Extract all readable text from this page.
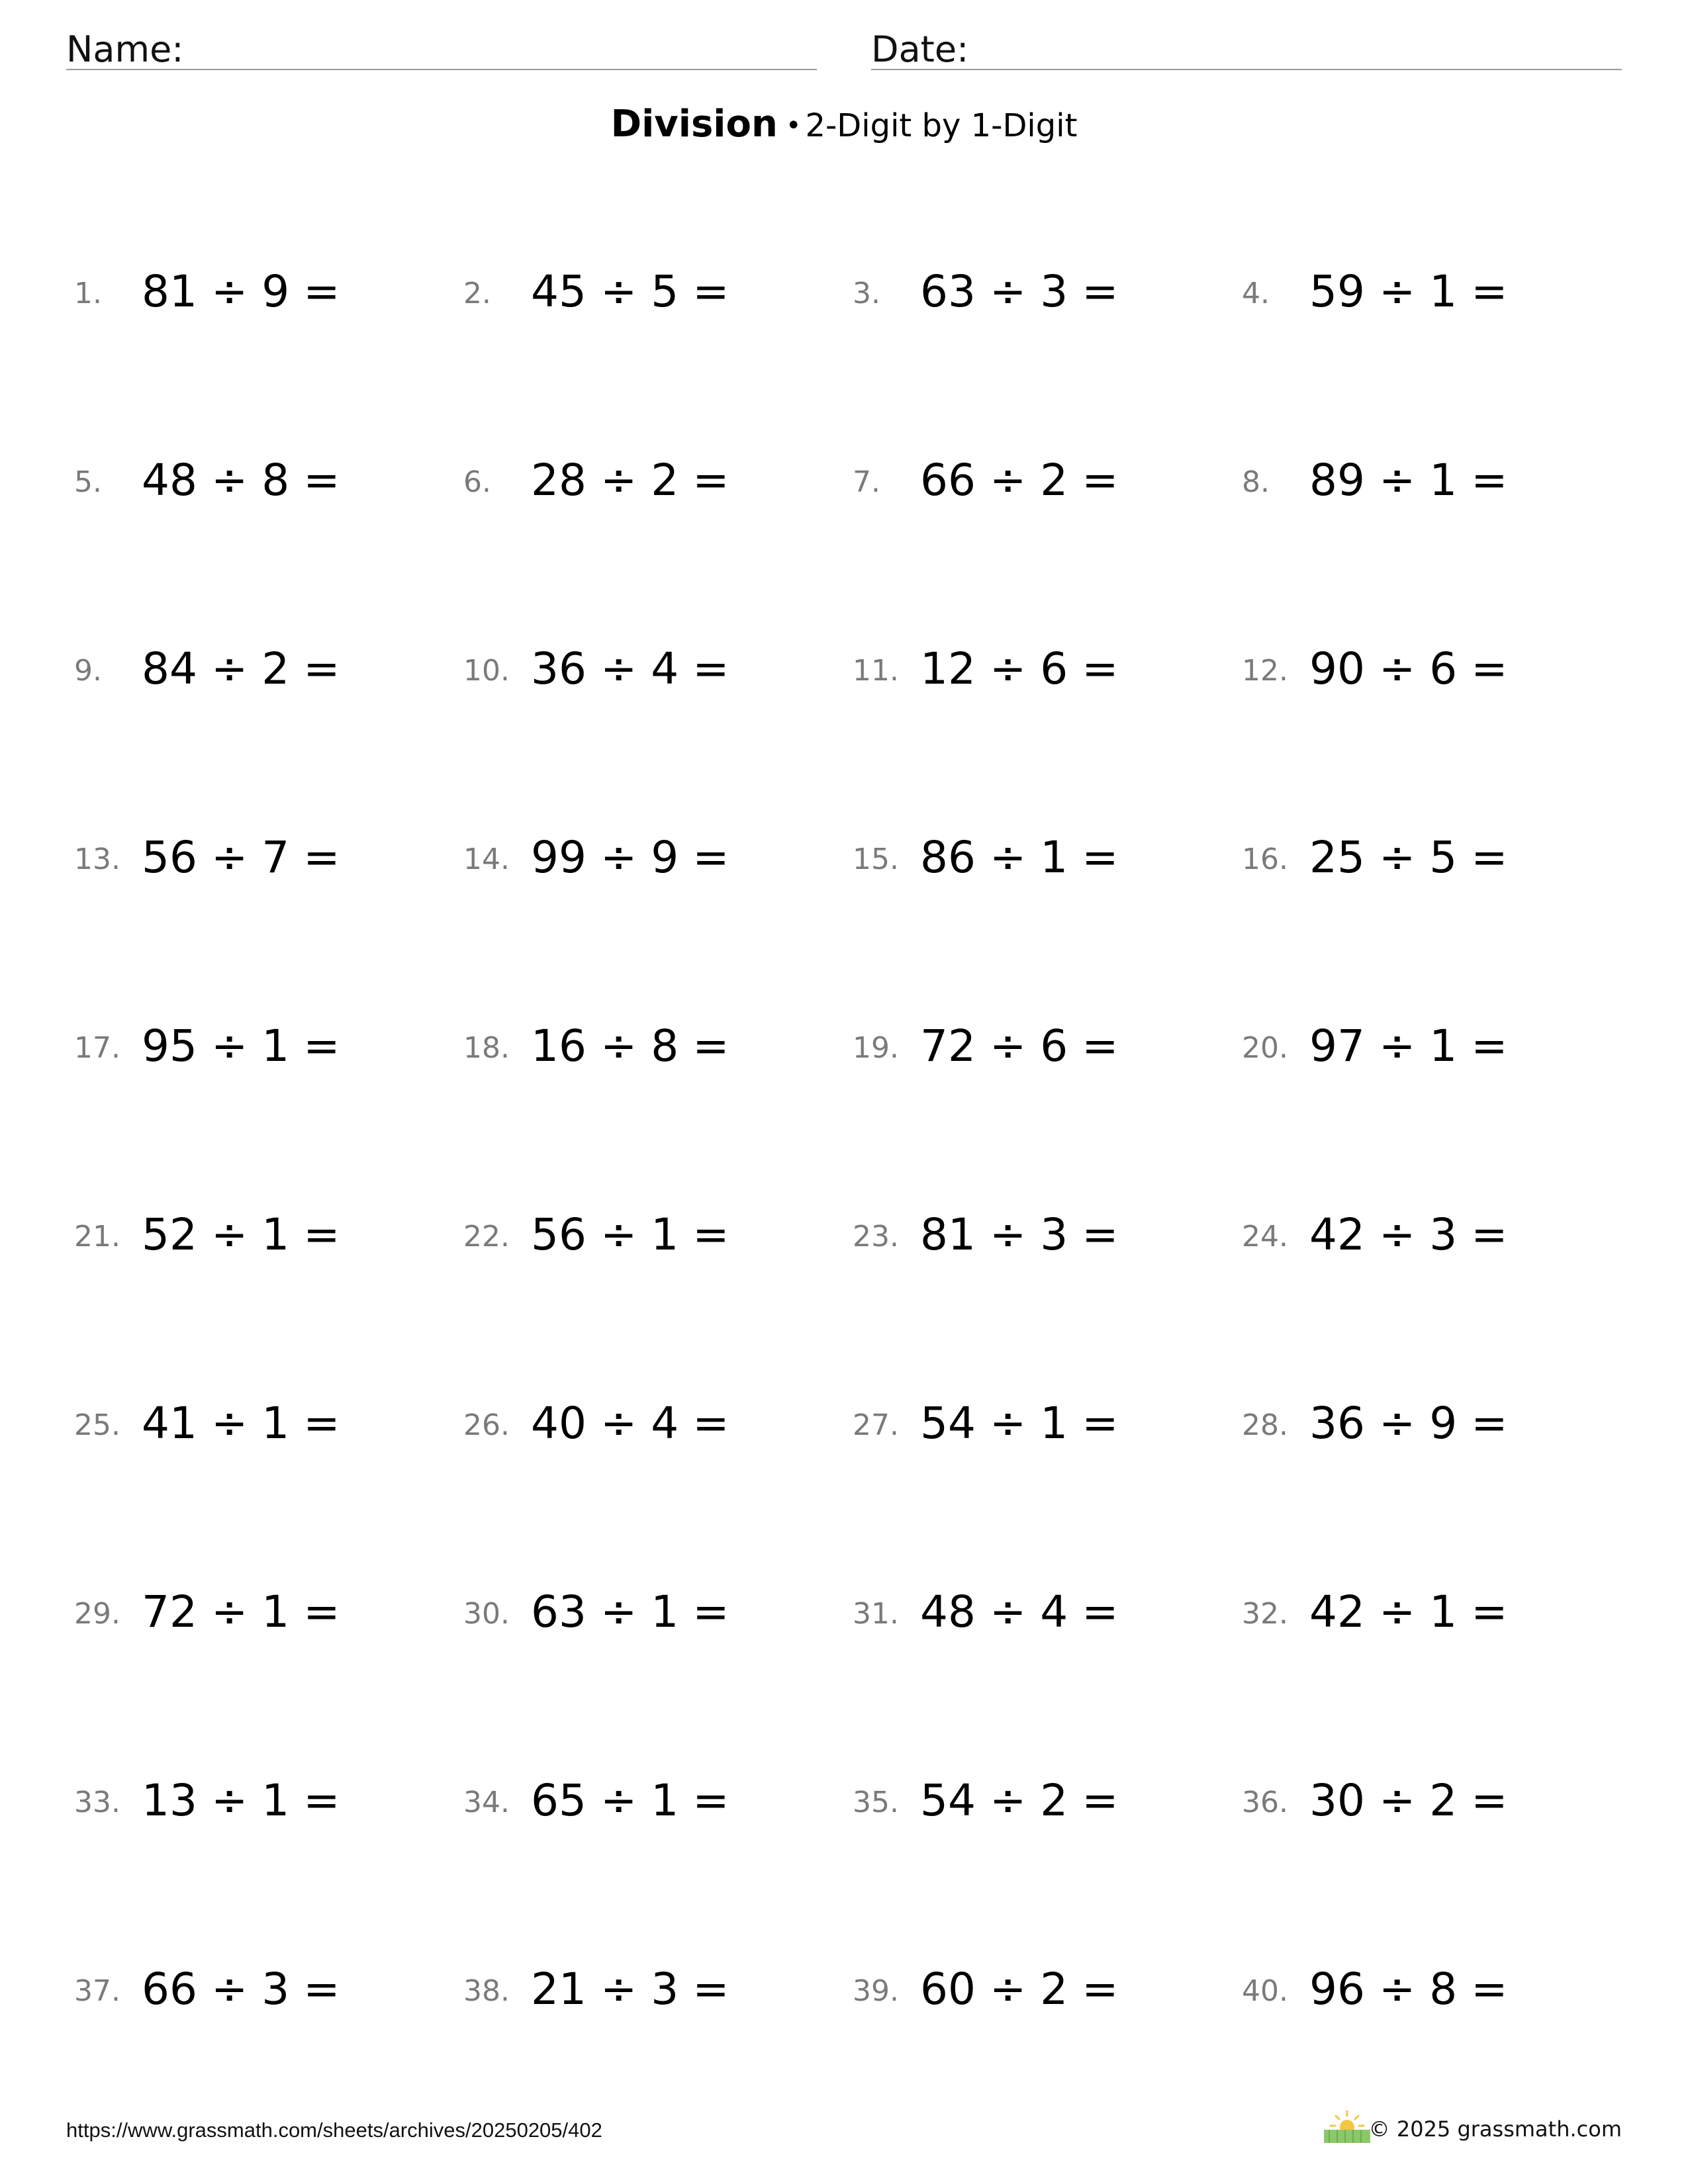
Name:	Date:
Division • 2-Digit by 1-Digit
1. 81 ÷ 9 =	2. 45 ÷ 5 =	3. 63 ÷ 3 =	4. 59 ÷ 1 =
5. 48 ÷ 8 =	6. 28 ÷ 2 =	7. 66 ÷ 2 =	8. 89 ÷ 1 =
9. 84 ÷ 2 =	10. 36 ÷ 4 =	11. 12 ÷ 6 =	12. 90 ÷ 6 =
13. 56 ÷ 7 =	14. 99 ÷ 9 =	15. 86 ÷ 1 =	16. 25 ÷ 5 =
17. 95 ÷ 1 =	18. 16 ÷ 8 =	19. 72 ÷ 6 =	20. 97 ÷ 1 =
21. 52 ÷ 1 =	22. 56 ÷ 1 =	23. 81 ÷ 3 =	24. 42 ÷ 3 =
25. 41 ÷ 1 =	26. 40 ÷ 4 =	27. 54 ÷ 1 =	28. 36 ÷ 9 =
29. 72 ÷ 1 =	30. 63 ÷ 1 =	31. 48 ÷ 4 =	32. 42 ÷ 1 =
33. 13 ÷ 1 =	34. 65 ÷ 1 =	35. 54 ÷ 2 =	36. 30 ÷ 2 =
37. 66 ÷ 3 =	38. 21 ÷ 3 =	39. 60 ÷ 2 =	40. 96 ÷ 8 =
https://www.grassmath.com/sheets/archives/20250205/402	© 2025 grassmath.com
